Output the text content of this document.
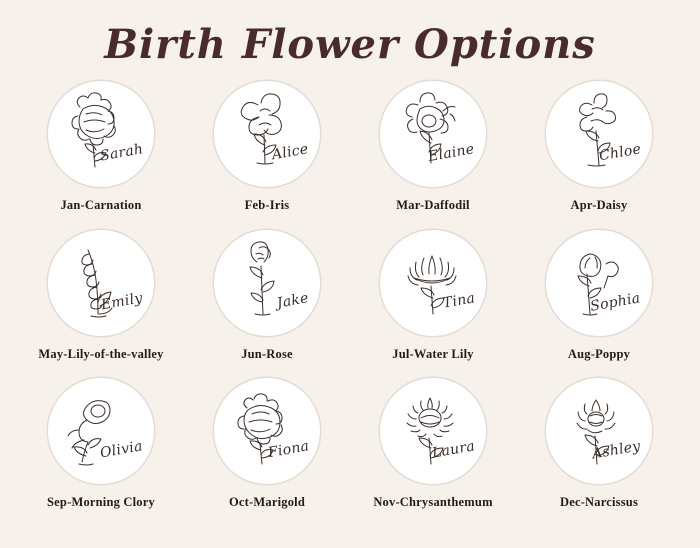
Birth Flower Options
Sarah
Jan-Carnation
Alice
Feb-Iris
Elaine
Mar-Daffodil
Chloe
Apr-Daisy
Emily
May-Lily-of-the-valley
Jake
Jun-Rose
Tina
Jul-Water Lily
Sophia
Aug-Poppy
Olivia
Sep-Morning Clory
Fiona
Oct-Marigold
Laura
Nov-Chrysanthemum
Ashley
Dec-Narcissus
